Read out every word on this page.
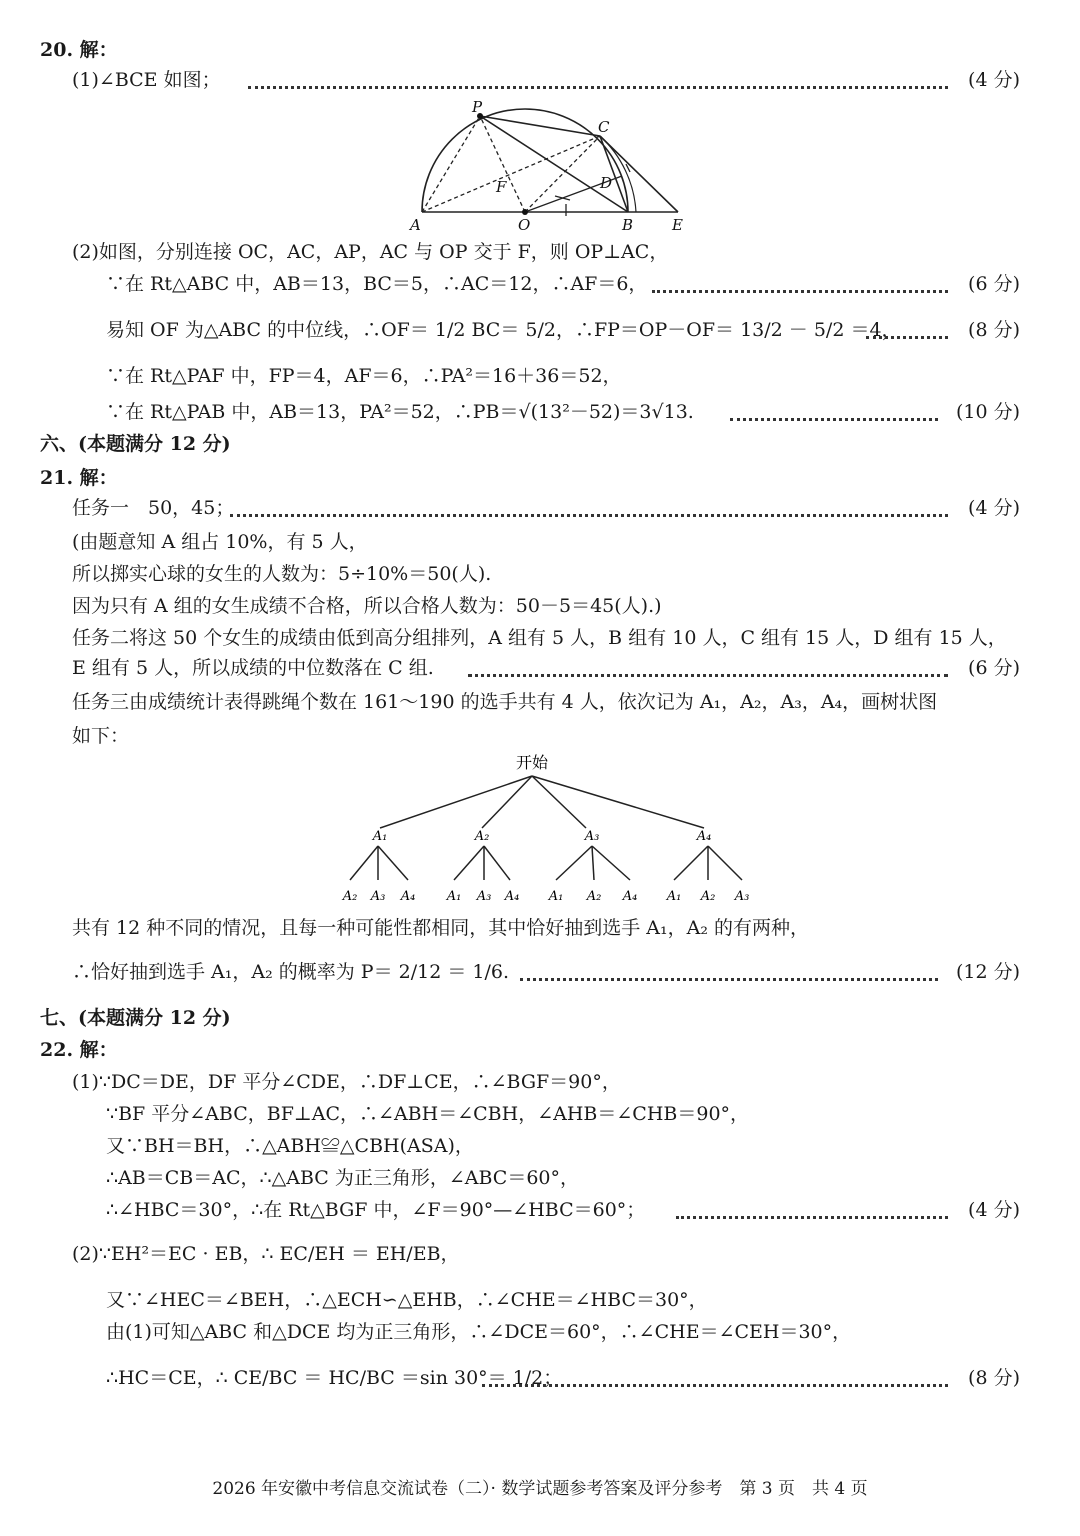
20. 解：
(1)∠BCE 如图；	(4 分)
P
C
F	D
A	O	B	E
(2)如图，分别连接 OC，AC，AP，AC 与 OP 交于 F，则 OP⊥AC，
∵在 Rt△ABC 中，AB＝13，BC＝5，∴AC＝12，∴AF＝6，	(6 分)
易知 OF 为△ABC 的中位线，∴OF＝ 1/2 BC＝ 5/2，∴FP＝OP－OF＝ 13/2 － 5/2 ＝4，	(8 分)
∵在 Rt△PAF 中，FP＝4，AF＝6，∴PA²＝16＋36＝52，
∵在 Rt△PAB 中，AB＝13，PA²＝52，∴PB＝√(13²－52)＝3√13.	(10 分)
六、(本题满分 12 分)
21. 解：
任务一　50，45；	(4 分)
(由题意知 A 组占 10%，有 5 人，
所以掷实心球的女生的人数为：5÷10%＝50(人).
因为只有 A 组的女生成绩不合格，所以合格人数为：50－5＝45(人).)
任务二将这 50 个女生的成绩由低到高分组排列，A 组有 5 人，B 组有 10 人，C 组有 15 人，D 组有 15 人，
E 组有 5 人，所以成绩的中位数落在 C 组.	(6 分)
任务三由成绩统计表得跳绳个数在 161～190 的选手共有 4 人，依次记为 A₁，A₂，A₃，A₄，画树状图
如下：
开始
A₁	A₂	A₃	A₄
A₂ A₃ A₄ A₁ A₃ A₄ A₁ A₂ A₄ A₁ A₂ A₃
共有 12 种不同的情况，且每一种可能性都相同，其中恰好抽到选手 A₁，A₂ 的有两种，
∴恰好抽到选手 A₁，A₂ 的概率为 P＝ 2/12 ＝ 1/6.	(12 分)
七、(本题满分 12 分)
22. 解：
(1)∵DC＝DE，DF 平分∠CDE，∴DF⊥CE，∴∠BGF＝90°，
∵BF 平分∠ABC，BF⊥AC，∴∠ABH＝∠CBH，∠AHB＝∠CHB＝90°，
又∵BH＝BH，∴△ABH≌△CBH(ASA)，
∴AB＝CB＝AC，∴△ABC 为正三角形，∠ABC＝60°，
∴∠HBC＝30°，∴在 Rt△BGF 中，∠F＝90°—∠HBC＝60°；	(4 分)
(2)∵EH²＝EC · EB，∴ EC/EH ＝ EH/EB，
又∵∠HEC＝∠BEH，∴△ECH∽△EHB，∴∠CHE＝∠HBC＝30°，
由(1)可知△ABC 和△DCE 均为正三角形，∴∠DCE＝60°，∴∠CHE＝∠CEH＝30°，
∴HC＝CE，∴ CE/BC ＝ HC/BC ＝sin 30°＝ 1/2；	(8 分)
2026 年安徽中考信息交流试卷（二）· 数学试题参考答案及评分参考　第 3 页　共 4 页
